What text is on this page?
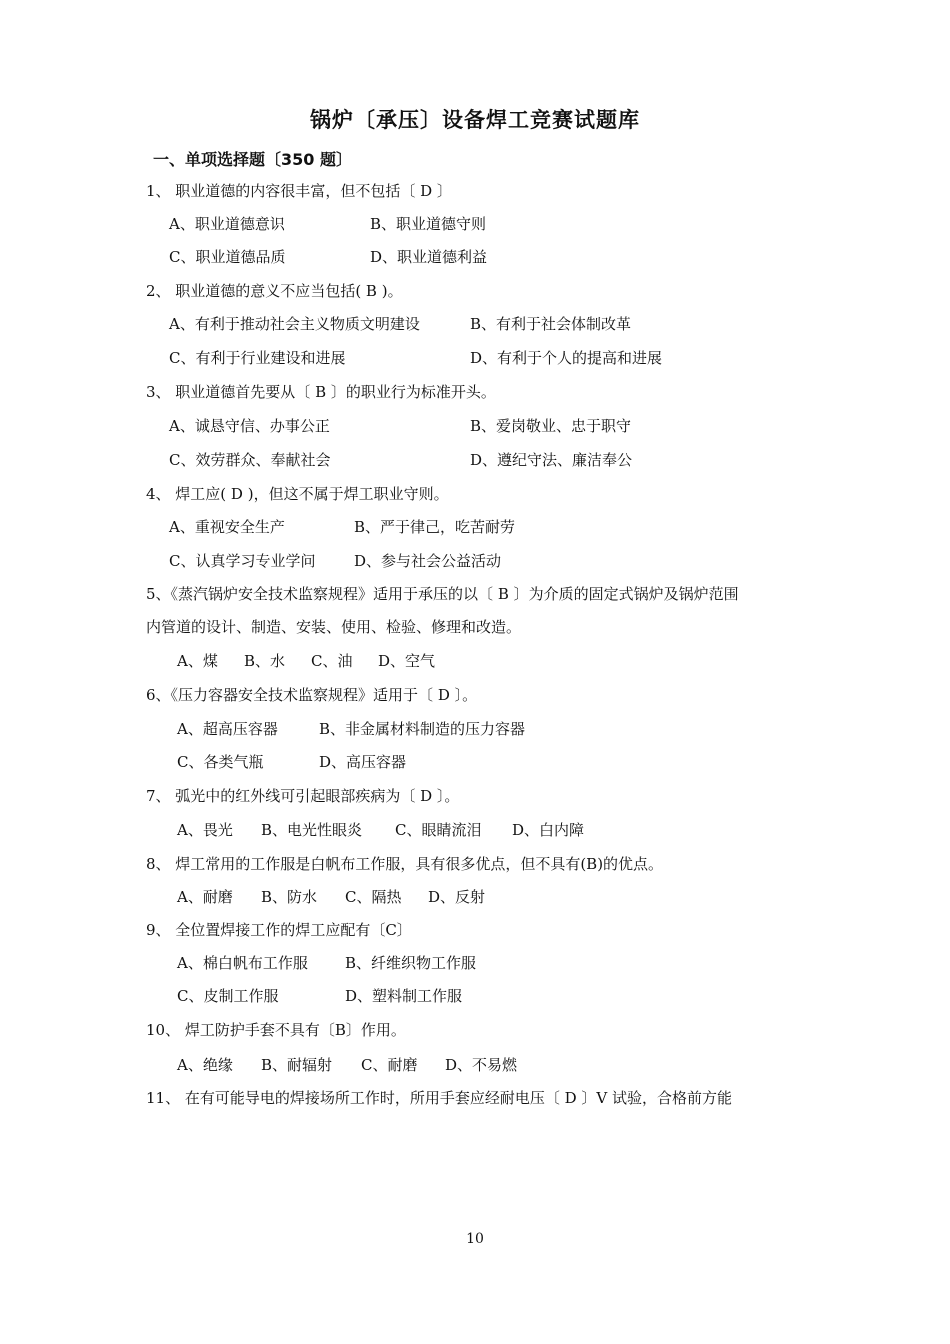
锅炉〔承压〕设备焊工竞赛试题库
一、单项选择题〔350 题〕
1、 职业道德的内容很丰富，但不包括〔 D 〕
A、职业道德意识	B、职业道德守则
C、职业道德品质	D、职业道德利益
2、 职业道德的意义不应当包括( B )。
A、有利于推动社会主义物质文明建设	B、有利于社会体制改革
C、有利于行业建设和进展	D、有利于个人的提高和进展
3、 职业道德首先要从〔 B 〕的职业行为标准开头。
A、诚恳守信、办事公正	B、爱岗敬业、忠于职守
C、效劳群众、奉献社会	D、遵纪守法、廉洁奉公
4、 焊工应( D )，但这不属于焊工职业守则。
A、重视安全生产	B、严于律己，吃苦耐劳
C、认真学习专业学问	D、参与社会公益活动
5、《蒸汽锅炉安全技术监察规程》适用于承压的以〔 B 〕为介质的固定式锅炉及锅炉范围
内管道的设计、制造、安装、使用、检验、修理和改造。
A、煤 B、水 C、油 D、空气
6、《压力容器安全技术监察规程》适用于〔 D 〕。
A、超高压容器	B、非金属材料制造的压力容器
C、各类气瓶	D、高压容器
7、 弧光中的红外线可引起眼部疾病为〔 D 〕。
A、畏光 B、电光性眼炎 C、眼睛流泪 D、白内障
8、 焊工常用的工作服是白帆布工作服，具有很多优点，但不具有(B)的优点。
A、耐磨 B、防水 C、隔热 D、反射
9、 全位置焊接工作的焊工应配有〔C〕
A、棉白帆布工作服 B、纤维织物工作服
C、皮制工作服	D、塑料制工作服
10、 焊工防护手套不具有〔B〕作用。
A、绝缘 B、耐辐射 C、耐磨 D、不易燃
11、 在有可能导电的焊接场所工作时，所用手套应经耐电压〔 D 〕V 试验，合格前方能
10
